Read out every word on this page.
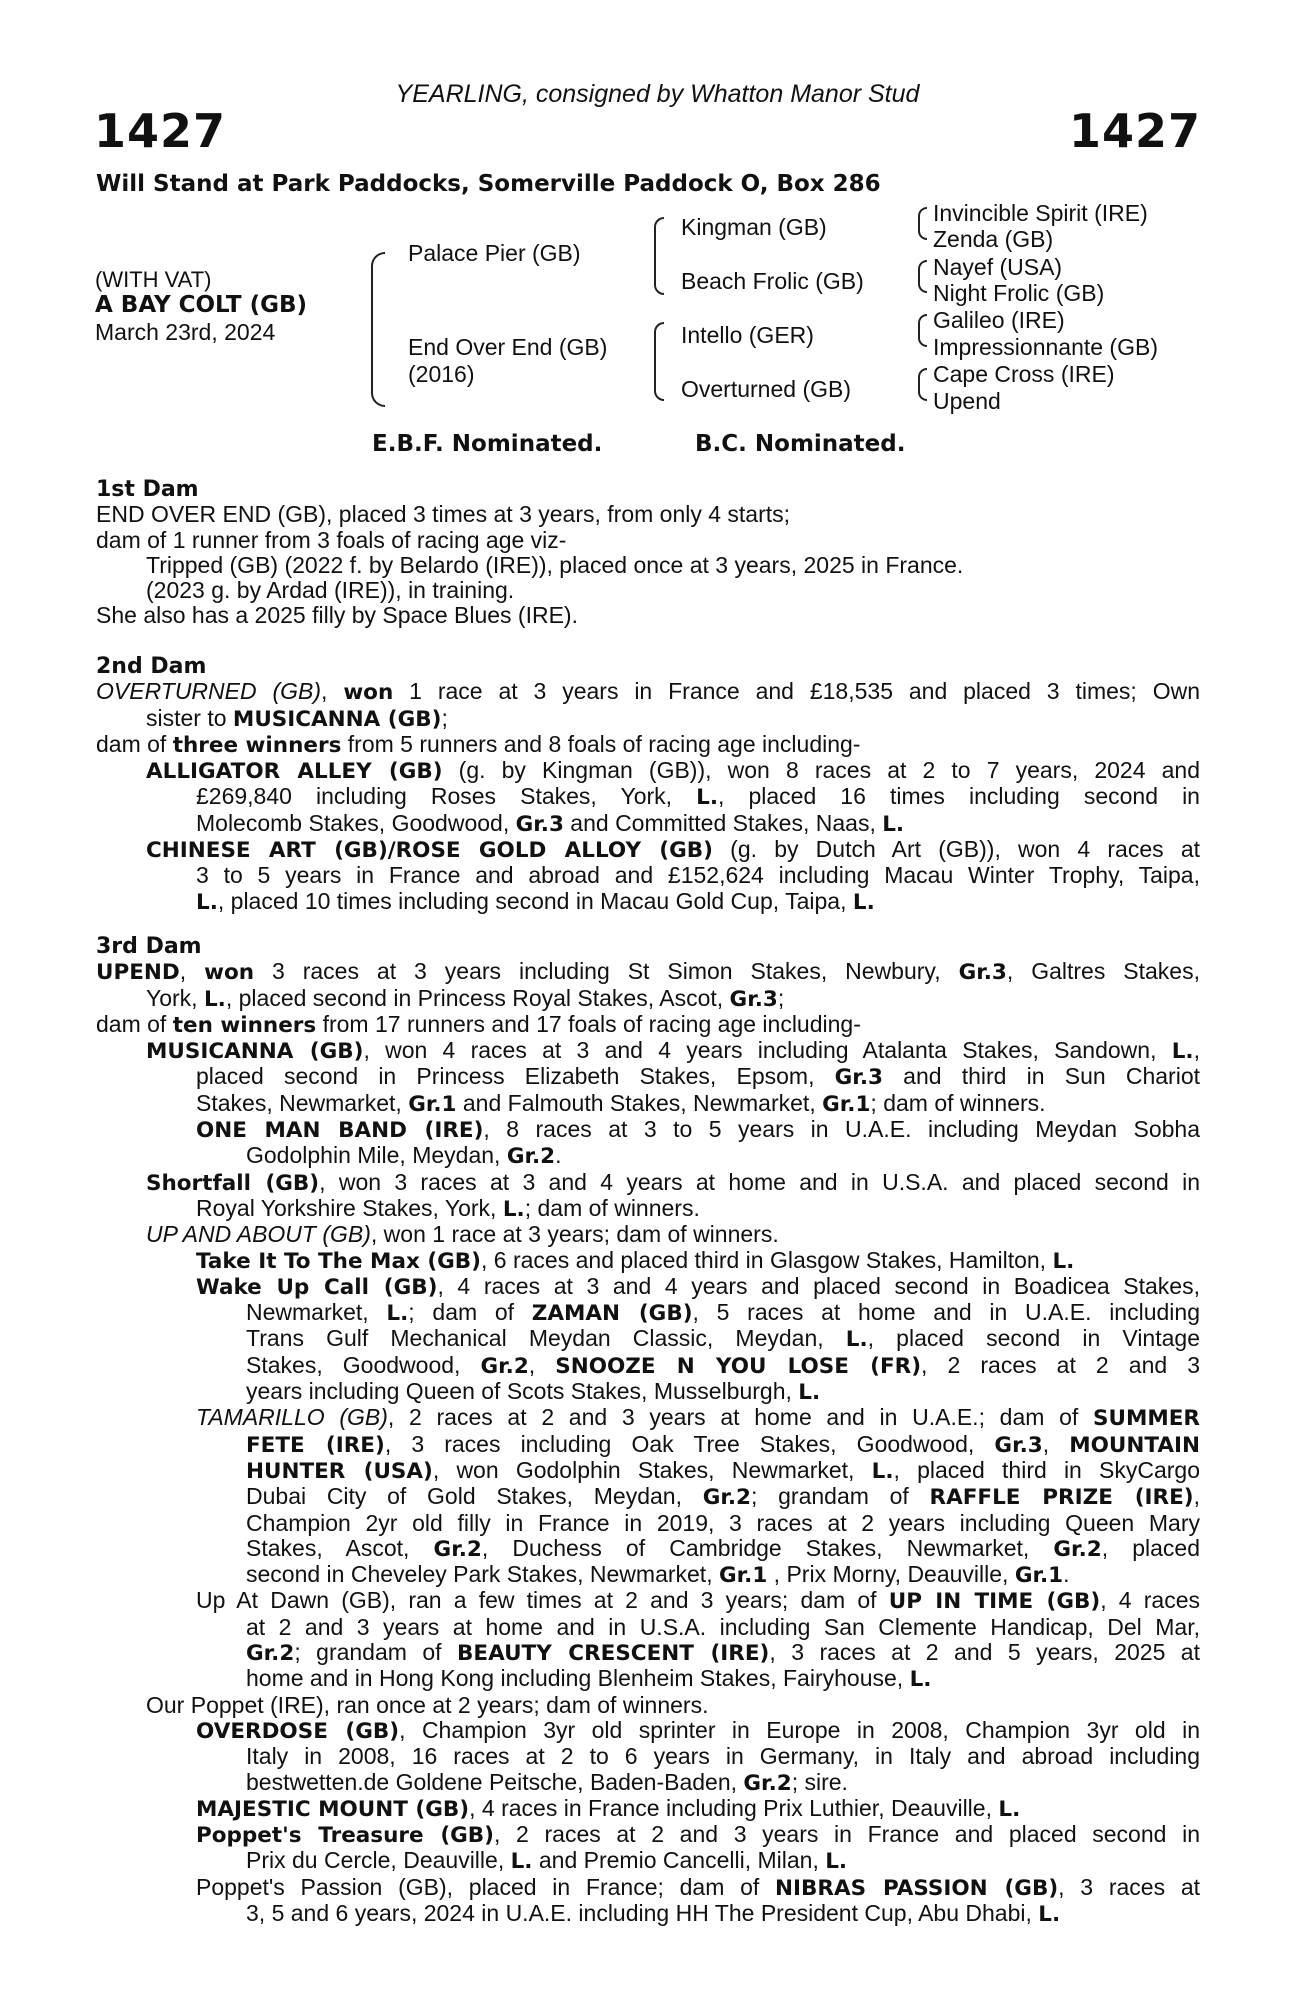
YEARLING, consigned by Whatton Manor Stud
1427	1427
Will Stand at Park Paddocks, Somerville Paddock O, Box 286
(WITH VAT)
A BAY COLT (GB)
March 23rd, 2024
Palace Pier (GB)
End Over End (GB)
(2016)
Kingman (GB)
Beach Frolic (GB)
Intello (GER)
Overturned (GB)
Invincible Spirit (IRE)
Zenda (GB)
Nayef (USA)
Night Frolic (GB)
Galileo (IRE)
Impressionnante (GB)
Cape Cross (IRE)
Upend
E.B.F. Nominated.	B.C. Nominated.
1st Dam
END OVER END (GB), placed 3 times at 3 years, from only 4 starts;
dam of 1 runner from 3 foals of racing age viz-
Tripped (GB) (2022 f. by Belardo (IRE)), placed once at 3 years, 2025 in France.
(2023 g. by Ardad (IRE)), in training.
She also has a 2025 filly by Space Blues (IRE).
2nd Dam
OVERTURNED (GB), won 1 race at 3 years in France and £18,535 and placed 3 times; Own
sister to MUSICANNA (GB);
dam of three winners from 5 runners and 8 foals of racing age including-
ALLIGATOR ALLEY (GB) (g. by Kingman (GB)), won 8 races at 2 to 7 years, 2024 and
£269,840 including Roses Stakes, York, L., placed 16 times including second in
Molecomb Stakes, Goodwood, Gr.3 and Committed Stakes, Naas, L.
CHINESE ART (GB)/ROSE GOLD ALLOY (GB) (g. by Dutch Art (GB)), won 4 races at
3 to 5 years in France and abroad and £152,624 including Macau Winter Trophy, Taipa,
L., placed 10 times including second in Macau Gold Cup, Taipa, L.
3rd Dam
UPEND, won 3 races at 3 years including St Simon Stakes, Newbury, Gr.3, Galtres Stakes,
York, L., placed second in Princess Royal Stakes, Ascot, Gr.3;
dam of ten winners from 17 runners and 17 foals of racing age including-
MUSICANNA (GB), won 4 races at 3 and 4 years including Atalanta Stakes, Sandown, L.,
placed second in Princess Elizabeth Stakes, Epsom, Gr.3 and third in Sun Chariot
Stakes, Newmarket, Gr.1 and Falmouth Stakes, Newmarket, Gr.1; dam of winners.
ONE MAN BAND (IRE), 8 races at 3 to 5 years in U.A.E. including Meydan Sobha
Godolphin Mile, Meydan, Gr.2.
Shortfall (GB), won 3 races at 3 and 4 years at home and in U.S.A. and placed second in
Royal Yorkshire Stakes, York, L.; dam of winners.
UP AND ABOUT (GB), won 1 race at 3 years; dam of winners.
Take It To The Max (GB), 6 races and placed third in Glasgow Stakes, Hamilton, L.
Wake Up Call (GB), 4 races at 3 and 4 years and placed second in Boadicea Stakes,
Newmarket, L.; dam of ZAMAN (GB), 5 races at home and in U.A.E. including
Trans Gulf Mechanical Meydan Classic, Meydan, L., placed second in Vintage
Stakes, Goodwood, Gr.2, SNOOZE N YOU LOSE (FR), 2 races at 2 and 3
years including Queen of Scots Stakes, Musselburgh, L.
TAMARILLO (GB), 2 races at 2 and 3 years at home and in U.A.E.; dam of SUMMER
FETE (IRE), 3 races including Oak Tree Stakes, Goodwood, Gr.3, MOUNTAIN
HUNTER (USA), won Godolphin Stakes, Newmarket, L., placed third in SkyCargo
Dubai City of Gold Stakes, Meydan, Gr.2; grandam of RAFFLE PRIZE (IRE),
Champion 2yr old filly in France in 2019, 3 races at 2 years including Queen Mary
Stakes, Ascot, Gr.2, Duchess of Cambridge Stakes, Newmarket, Gr.2, placed
second in Cheveley Park Stakes, Newmarket, Gr.1 , Prix Morny, Deauville, Gr.1.
Up At Dawn (GB), ran a few times at 2 and 3 years; dam of UP IN TIME (GB), 4 races
at 2 and 3 years at home and in U.S.A. including San Clemente Handicap, Del Mar,
Gr.2; grandam of BEAUTY CRESCENT (IRE), 3 races at 2 and 5 years, 2025 at
home and in Hong Kong including Blenheim Stakes, Fairyhouse, L.
Our Poppet (IRE), ran once at 2 years; dam of winners.
OVERDOSE (GB), Champion 3yr old sprinter in Europe in 2008, Champion 3yr old in
Italy in 2008, 16 races at 2 to 6 years in Germany, in Italy and abroad including
bestwetten.de Goldene Peitsche, Baden-Baden, Gr.2; sire.
MAJESTIC MOUNT (GB), 4 races in France including Prix Luthier, Deauville, L.
Poppet's Treasure (GB), 2 races at 2 and 3 years in France and placed second in
Prix du Cercle, Deauville, L. and Premio Cancelli, Milan, L.
Poppet's Passion (GB), placed in France; dam of NIBRAS PASSION (GB), 3 races at
3, 5 and 6 years, 2024 in U.A.E. including HH The President Cup, Abu Dhabi, L.
